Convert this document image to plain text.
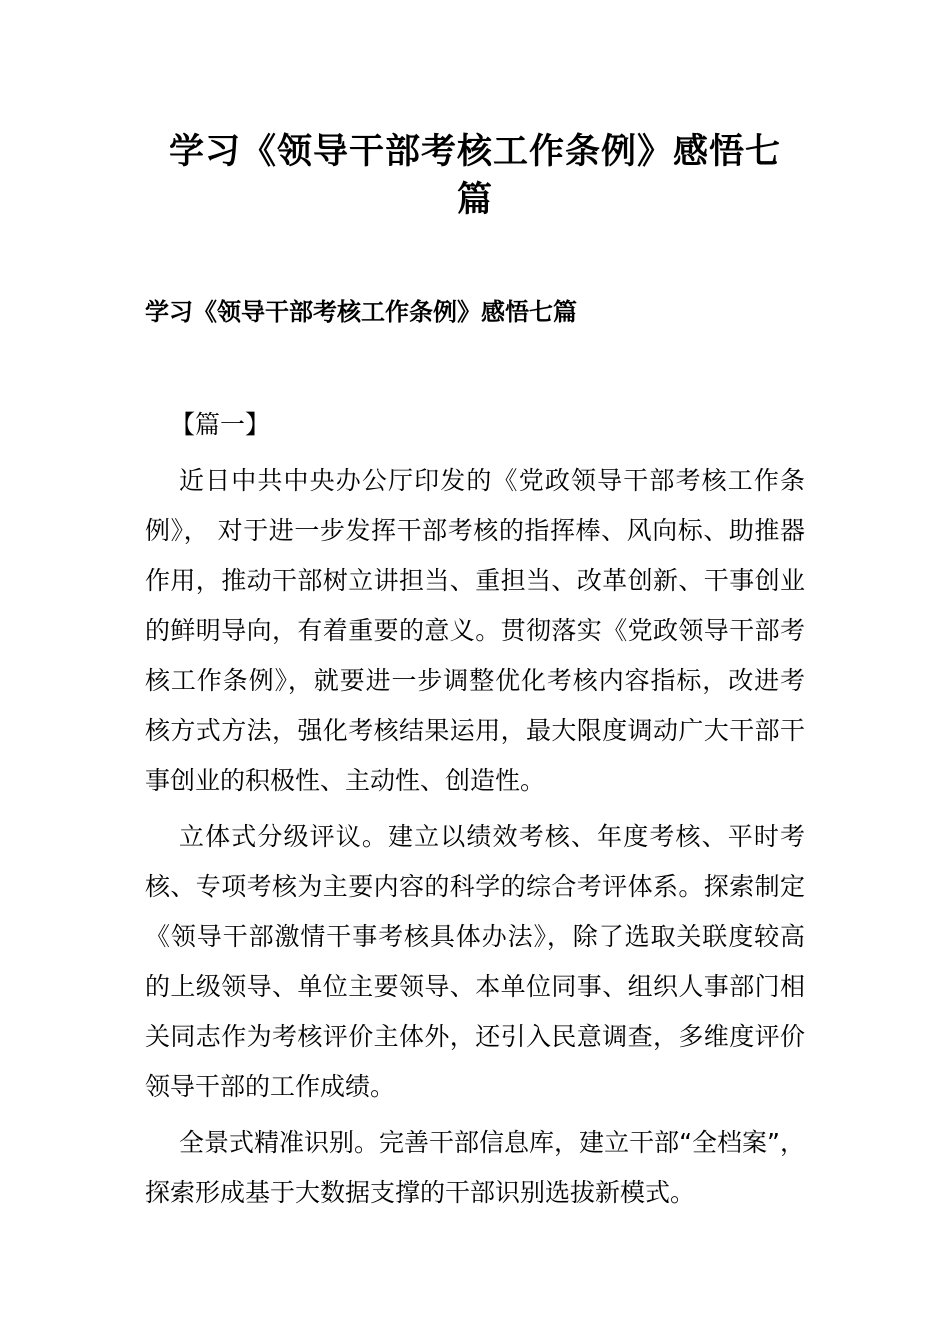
学习《领导干部考核工作条例》感悟七
篇
学习《领导干部考核工作条例》感悟七篇
【篇一】

近日中共中央办公厅印发的《党政领导干部考核工作条例》， 对于进一步发挥干部考核的指挥棒、风向标、助推器作用，推动干部树立讲担当、重担当、改革创新、干事创业的鲜明导向，有着重要的意义。贯彻落实《党政领导干部考核工作条例》，就要进一步调整优化考核内容指标，改进考核方式方法，强化考核结果运用，最大限度调动广大干部干事创业的积极性、主动性、创造性。

立体式分级评议。建立以绩效考核、年度考核、平时考核、专项考核为主要内容的科学的综合考评体系。探索制定《领导干部激情干事考核具体办法》，除了选取关联度较高的上级领导、单位主要领导、本单位同事、组织人事部门相关同志作为考核评价主体外，还引入民意调查，多维度评价领导干部的工作成绩。

全景式精准识别。完善干部信息库，建立干部“全档案”，探索形成基于大数据支撑的干部识别选拔新模式。
